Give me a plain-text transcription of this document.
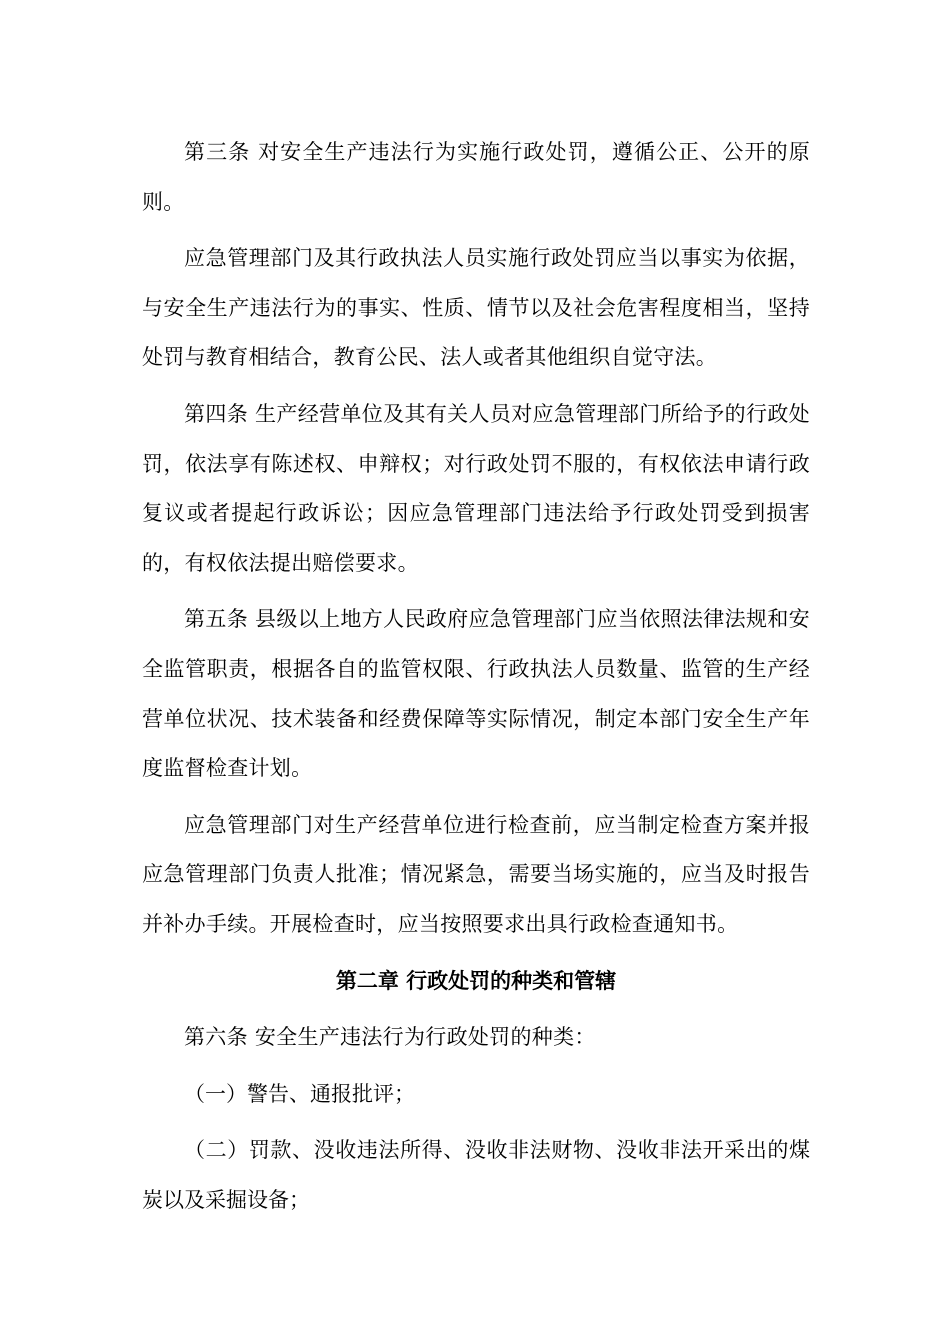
第三条 对安全生产违法行为实施行政处罚，遵循公正、公开的原则。

应急管理部门及其行政执法人员实施行政处罚应当以事实为依据，与安全生产违法行为的事实、性质、情节以及社会危害程度相当，坚持处罚与教育相结合，教育公民、法人或者其他组织自觉守法。

第四条 生产经营单位及其有关人员对应急管理部门所给予的行政处罚，依法享有陈述权、申辩权；对行政处罚不服的，有权依法申请行政复议或者提起行政诉讼；因应急管理部门违法给予行政处罚受到损害的，有权依法提出赔偿要求。

第五条 县级以上地方人民政府应急管理部门应当依照法律法规和安全监管职责，根据各自的监管权限、行政执法人员数量、监管的生产经营单位状况、技术装备和经费保障等实际情况，制定本部门安全生产年度监督检查计划。

应急管理部门对生产经营单位进行检查前，应当制定检查方案并报应急管理部门负责人批准；情况紧急，需要当场实施的，应当及时报告并补办手续。开展检查时，应当按照要求出具行政检查通知书。

第二章 行政处罚的种类和管辖

第六条 安全生产违法行为行政处罚的种类：

（一）警告、通报批评；

（二）罚款、没收违法所得、没收非法财物、没收非法开采出的煤炭以及采掘设备；
